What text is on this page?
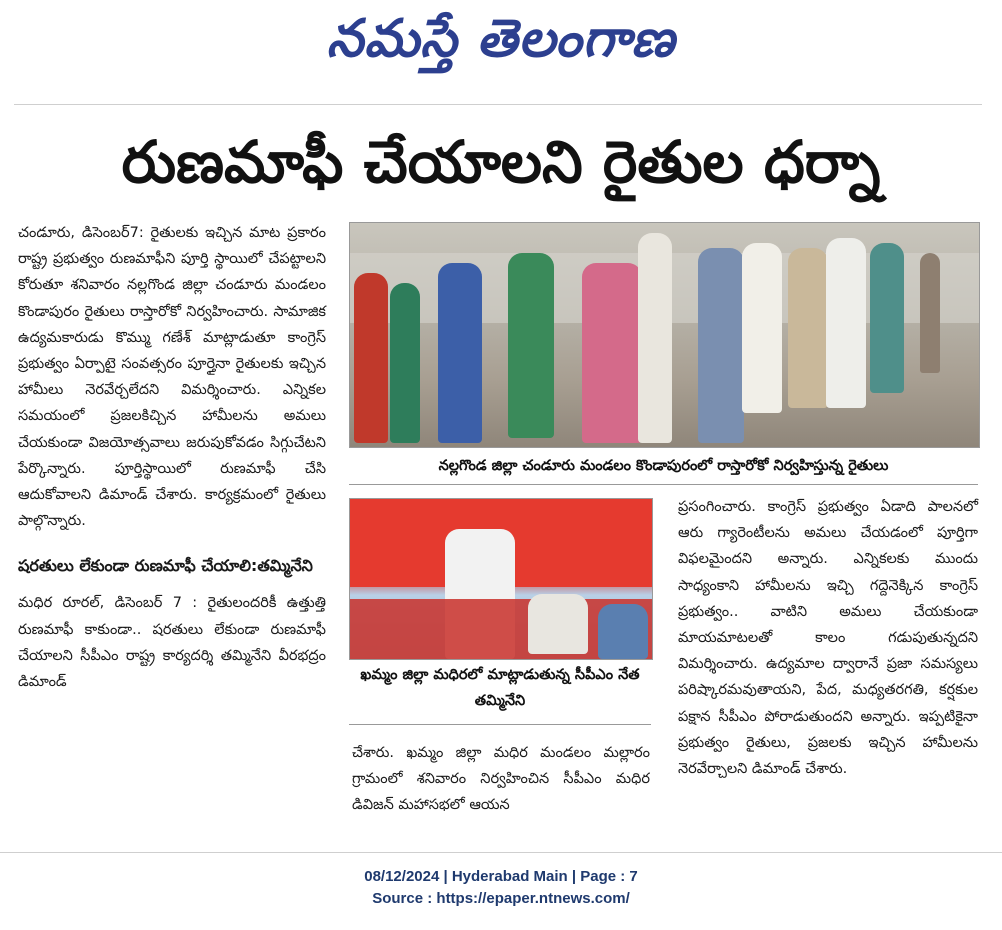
నమస్తే తెలంగాణ
రుణమాఫీ చేయాలని రైతుల ధర్నా

చండూరు, డిసెంబర్7: రైతులకు ఇచ్చిన మాట ప్రకారం రాష్ట్ర ప్రభుత్వం రుణమాఫీని పూర్తి స్థాయిలో చేపట్టాలని కోరుతూ శనివారం నల్లగొండ జిల్లా చండూరు మండలం కొండాపురం రైతులు రాస్తారోకో నిర్వహించారు. సామాజిక ఉద్యమకారుడు కొమ్ము గణేశ్ మాట్లాడుతూ కాంగ్రెస్ ప్రభుత్వం ఏర్పాటై సంవత్సరం పూర్తైనా రైతులకు ఇచ్చిన హామీలు నెరవేర్చలేదని విమర్శించారు. ఎన్నికల సమయంలో ప్రజలకిచ్చిన హామీలను అమలు చేయకుండా విజయోత్సవాలు జరుపుకోవడం సిగ్గుచేటని పేర్కొన్నారు. పూర్తిస్థాయిలో రుణమాఫీ చేసి ఆదుకోవాలని డిమాండ్ చేశారు. కార్యక్రమంలో రైతులు పాల్గొన్నారు.

షరతులు లేకుండా రుణమాఫీ చేయాలి:తమ్మినేని

మధిర రూరల్, డిసెంబర్ 7 : రైతులందరికీ ఉత్తుత్తి రుణమాఫీ కాకుండా.. షరతులు లేకుండా రుణమాఫీ చేయాలని సీపీఎం రాష్ట్ర కార్యదర్శి తమ్మినేని వీరభద్రం డిమాండ్

నల్లగొండ జిల్లా చండూరు మండలం కొండాపురంలో రాస్తారోకో నిర్వహిస్తున్న రైతులు
ఖమ్మం జిల్లా మధిరలో మాట్లాడుతున్న సీపీఎం నేత తమ్మినేని

చేశారు. ఖమ్మం జిల్లా మధిర మండలం మల్లారం గ్రామంలో శనివారం నిర్వహించిన సీపీఎం మధిర డివిజన్ మహాసభలో ఆయన

ప్రసంగించారు. కాంగ్రెస్ ప్రభుత్వం ఏడాది పాలనలో ఆరు గ్యారెంటీలను అమలు చేయడంలో పూర్తిగా విఫలమైందని అన్నారు. ఎన్నికలకు ముందు సాధ్యంకాని హామీలను ఇచ్చి గద్దెనెక్కిన కాంగ్రెస్ ప్రభుత్వం.. వాటిని అమలు చేయకుండా మాయమాటలతో కాలం గడుపుతున్నదని విమర్శించారు. ఉద్యమాల ద్వారానే ప్రజా సమస్యలు పరిష్కారమవుతాయని, పేద, మధ్యతరగతి, కర్షకుల పక్షాన సీపీఎం పోరాడుతుందని అన్నారు. ఇప్పటికైనా ప్రభుత్వం రైతులు, ప్రజలకు ఇచ్చిన హామీలను నెరవేర్చాలని డిమాండ్ చేశారు.

08/12/2024 | Hyderabad Main | Page : 7
Source : https://epaper.ntnews.com/
